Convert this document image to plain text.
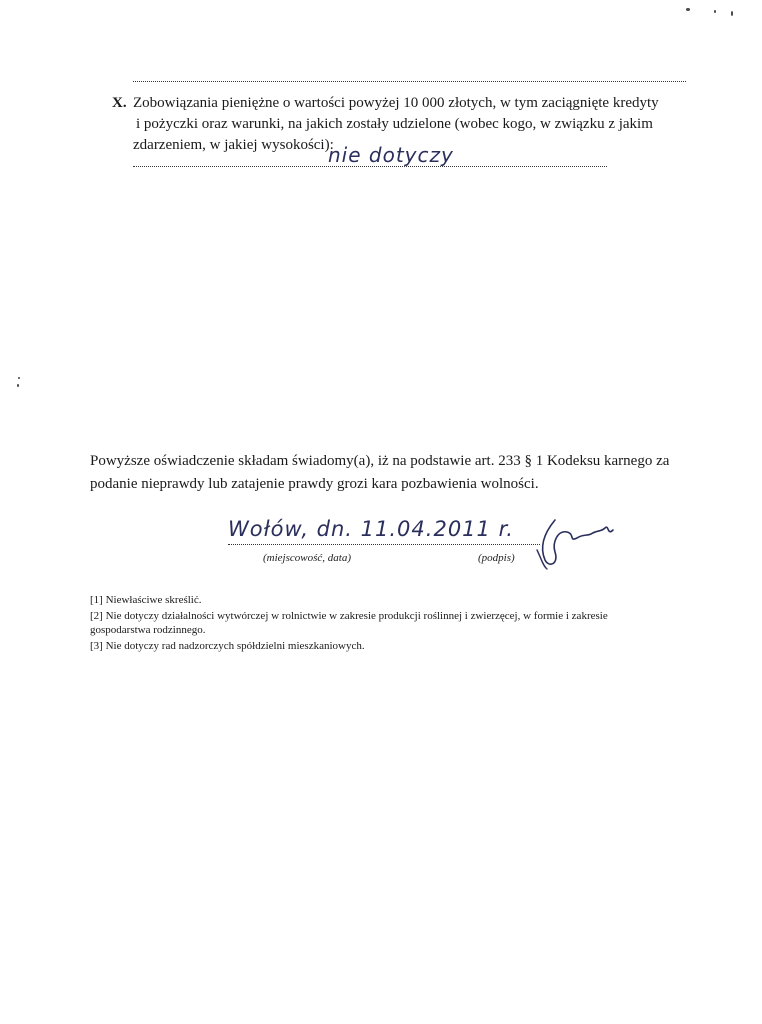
X. Zobowiązania pieniężne o wartości powyżej 10 000 złotych, w tym zaciągnięte kredyty
i pożyczki oraz warunki, na jakich zostały udzielone (wobec kogo, w związku z jakim
zdarzeniem, w jakiej wysokości):
nie dotyczy
Powyższe oświadczenie składam świadomy(a), iż na podstawie art. 233 § 1 Kodeksu karnego za
podanie nieprawdy lub zatajenie prawdy grozi kara pozbawienia wolności.
Wołów, dn. 11.04.2011 r.
(miejscowość, data)	(podpis)
[1] Niewłaściwe skreślić.
[2] Nie dotyczy działalności wytwórczej w rolnictwie w zakresie produkcji roślinnej i zwierzęcej, w formie i zakresie
gospodarstwa rodzinnego.
[3] Nie dotyczy rad nadzorczych spółdzielni mieszkaniowych.
